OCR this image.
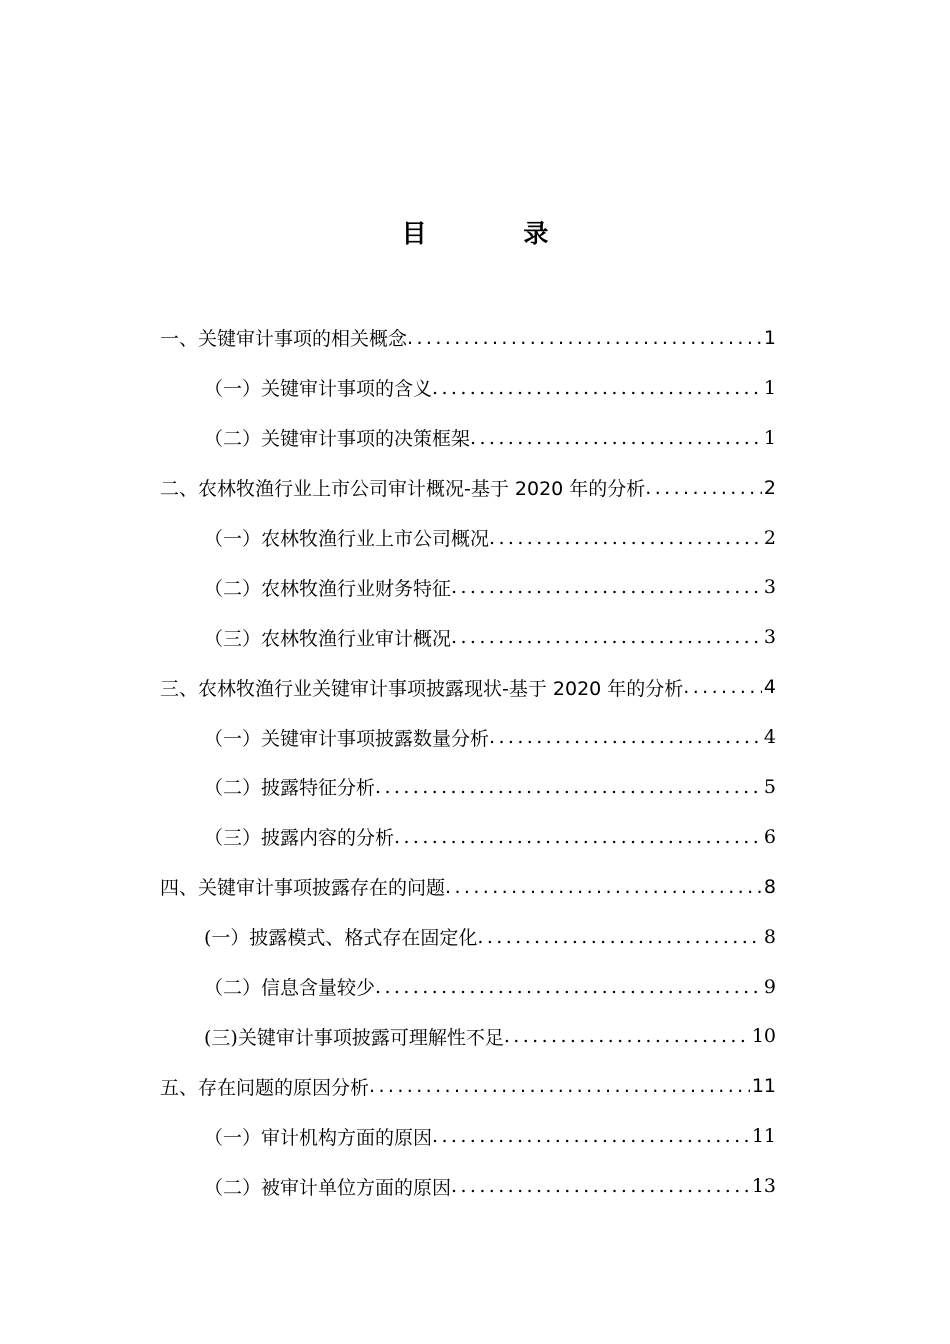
目 录
一、关键审计事项的相关概念 .....	1
（一）关键审计事项的含义 .....	1
（二）关键审计事项的决策框架 .....	1
二、农林牧渔行业上市公司审计概况-基于 2020 年的分析 .....	2
（一）农林牧渔行业上市公司概况 .....	2
（二）农林牧渔行业财务特征 .....	3
（三）农林牧渔行业审计概况 .....	3
三、农林牧渔行业关键审计事项披露现状-基于 2020 年的分析 .....	4
（一）关键审计事项披露数量分析 .....	4
（二）披露特征分析 .....	5
（三）披露内容的分析 .....	6
四、关键审计事项披露存在的问题 .....	8
(一）披露模式、格式存在固定化 .....	8
（二）信息含量较少 .....	9
(三)关键审计事项披露可理解性不足 .....	10
五、存在问题的原因分析 .....	11
（一）审计机构方面的原因 .....	11
（二）被审计单位方面的原因 .....	13
